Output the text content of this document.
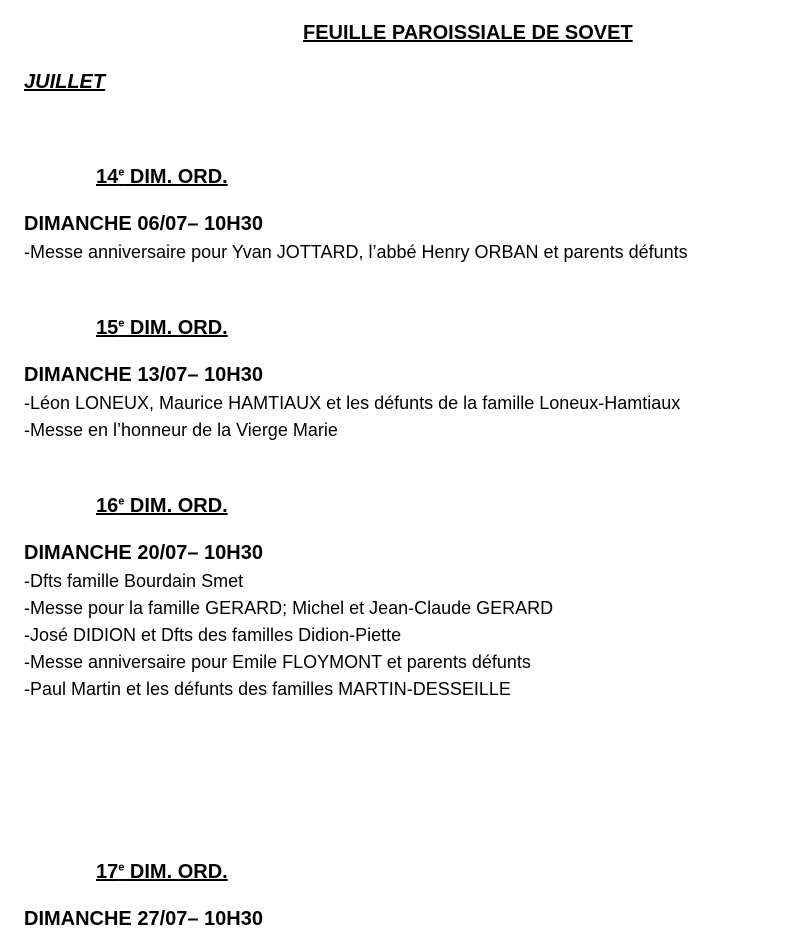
FEUILLE PAROISSIALE DE SOVET
JUILLET
14e DIM. ORD.
DIMANCHE 06/07– 10H30
-Messe anniversaire pour Yvan JOTTARD, l’abbé Henry ORBAN et parents défunts
15e DIM. ORD.
DIMANCHE 13/07– 10H30
-Léon LONEUX, Maurice HAMTIAUX et les défunts de la famille Loneux-Hamtiaux
-Messe en l’honneur de la Vierge Marie
16e DIM. ORD.
DIMANCHE 20/07– 10H30
-Dfts famille Bourdain Smet
-Messe pour la famille GERARD; Michel et Jean-Claude GERARD
-José DIDION et Dfts des familles Didion-Piette
-Messe anniversaire pour Emile FLOYMONT et parents défunts
-Paul Martin et les défunts des familles MARTIN-DESSEILLE
17e DIM. ORD.
DIMANCHE 27/07– 10H30
